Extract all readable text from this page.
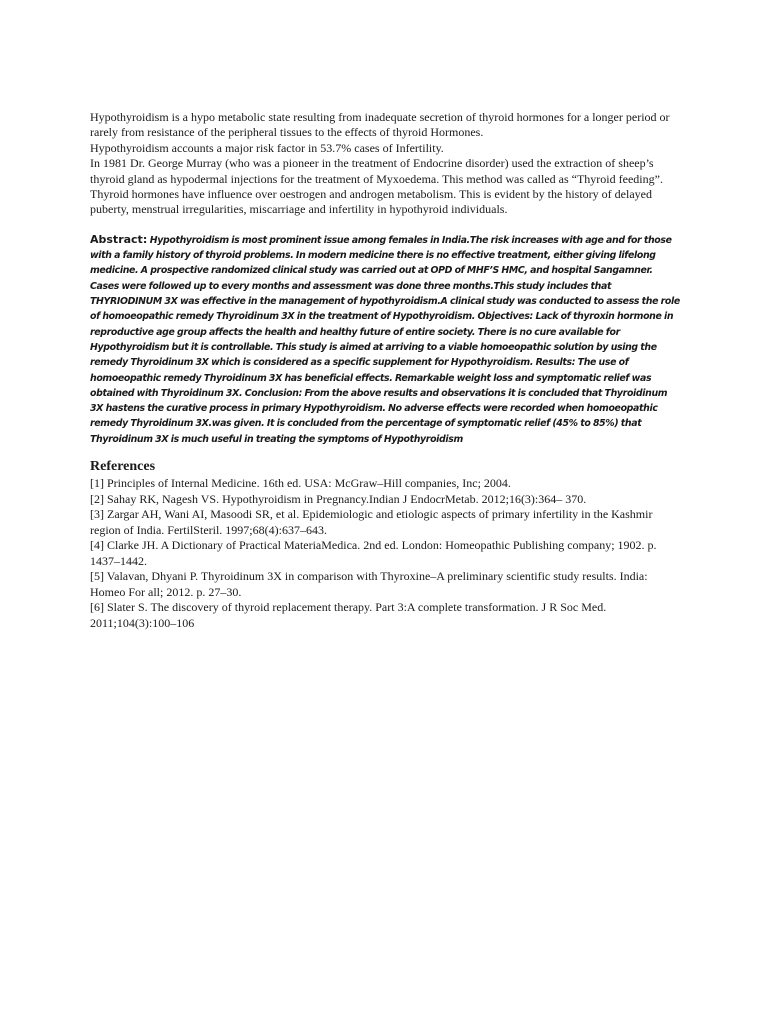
Hypothyroidism is a hypo metabolic state resulting from inadequate secretion of thyroid hormones for a longer period or rarely from resistance of the peripheral tissues to the effects of thyroid Hormones.

Hypothyroidism accounts a major risk factor in 53.7% cases of Infertility.

In 1981 Dr. George Murray (who was a pioneer in the treatment of Endocrine disorder) used the extraction of sheep’s thyroid gland as hypodermal injections for the treatment of Myxoedema. This method was called as “Thyroid feeding”.

Thyroid hormones have influence over oestrogen and androgen metabolism. This is evident by the history of delayed puberty, menstrual irregularities, miscarriage and infertility in hypothyroid individuals.

Abstract: Hypothyroidism is most prominent issue among females in India.The risk increases with age and for those with a family history of thyroid problems. In modern medicine there is no effective treatment, either giving lifelong medicine. A prospective randomized clinical study was carried out at OPD of MHF’S HMC, and hospital Sangamner. Cases were followed up to every months and assessment was done three months.This study includes that THYRIODINUM 3X was effective in the management of hypothyroidism.A clinical study was conducted to assess the role of homoeopathic remedy Thyroidinum 3X in the treatment of Hypothyroidism. Objectives: Lack of thyroxin hormone in reproductive age group affects the health and healthy future of entire society. There is no cure available for Hypothyroidism but it is controllable. This study is aimed at arriving to a viable homoeopathic solution by using the remedy Thyroidinum 3X which is considered as a specific supplement for Hypothyroidism. Results: The use of homoeopathic remedy Thyroidinum 3X has beneficial effects. Remarkable weight loss and symptomatic relief was obtained with Thyroidinum 3X. Conclusion: From the above results and observations it is concluded that Thyroidinum 3X hastens the curative process in primary Hypothyroidism. No adverse effects were recorded when homoeopathic remedy Thyroidinum 3X.was given. It is concluded from the percentage of symptomatic relief (45% to 85%) that Thyroidinum 3X is much useful in treating the symptoms of Hypothyroidism
References
[1] Principles of Internal Medicine. 16th ed. USA: McGraw–Hill companies, Inc; 2004.
[2] Sahay RK, Nagesh VS. Hypothyroidism in Pregnancy.Indian J EndocrMetab. 2012;16(3):364– 370.
[3] Zargar AH, Wani AI, Masoodi SR, et al. Epidemiologic and etiologic aspects of primary infertility in the Kashmir region of India. FertilSteril. 1997;68(4):637–643.
[4] Clarke JH. A Dictionary of Practical MateriaMedica. 2nd ed. London: Homeopathic Publishing company; 1902. p. 1437–1442.
[5] Valavan, Dhyani P. Thyroidinum 3X in comparison with Thyroxine–A preliminary scientific study results. India: Homeo For all; 2012. p. 27–30.
[6] Slater S. The discovery of thyroid replacement therapy. Part 3:A complete transformation. J R Soc Med. 2011;104(3):100–106
